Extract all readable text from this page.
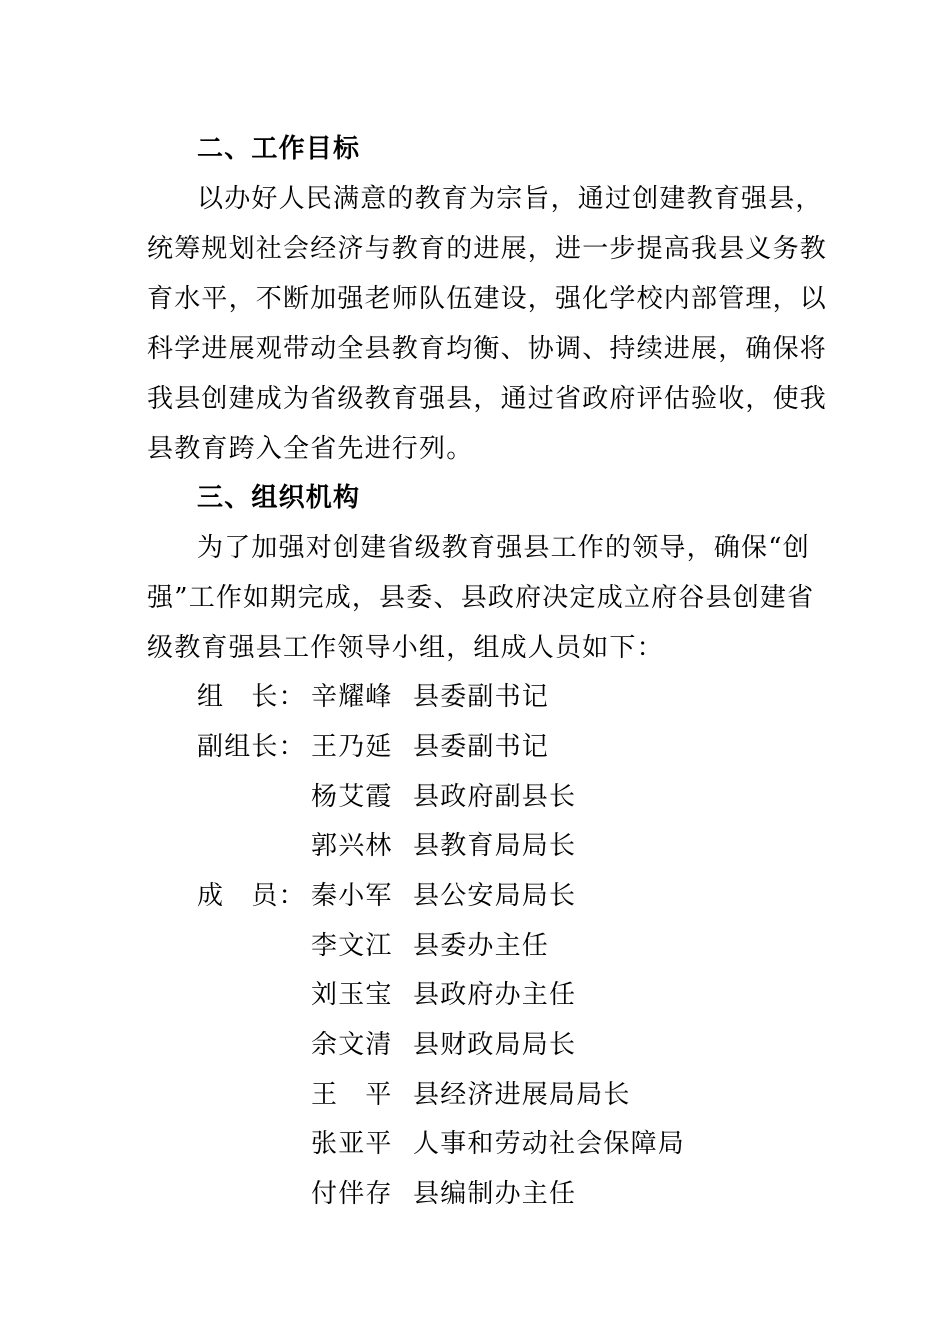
二、工作目标
以办好人民满意的教育为宗旨，通过创建教育强县，
统筹规划社会经济与教育的进展，进一步提高我县义务教
育水平，不断加强老师队伍建设，强化学校内部管理，以
科学进展观带动全县教育均衡、协调、持续进展，确保将
我县创建成为省级教育强县，通过省政府评估验收，使我
县教育跨入全省先进行列。
三、组织机构
为了加强对创建省级教育强县工作的领导，确保“创
强”工作如期完成，县委、县政府决定成立府谷县创建省
级教育强县工作领导小组，组成人员如下：
组　长： 辛耀峰 县委副书记
副组长： 王乃延 县委副书记
杨艾霞 县政府副县长
郭兴林 县教育局局长
成　员： 秦小军 县公安局局长
李文江 县委办主任
刘玉宝 县政府办主任
余文清 县财政局局长
王　平 县经济进展局局长
张亚平 人事和劳动社会保障局
付伴存 县编制办主任
